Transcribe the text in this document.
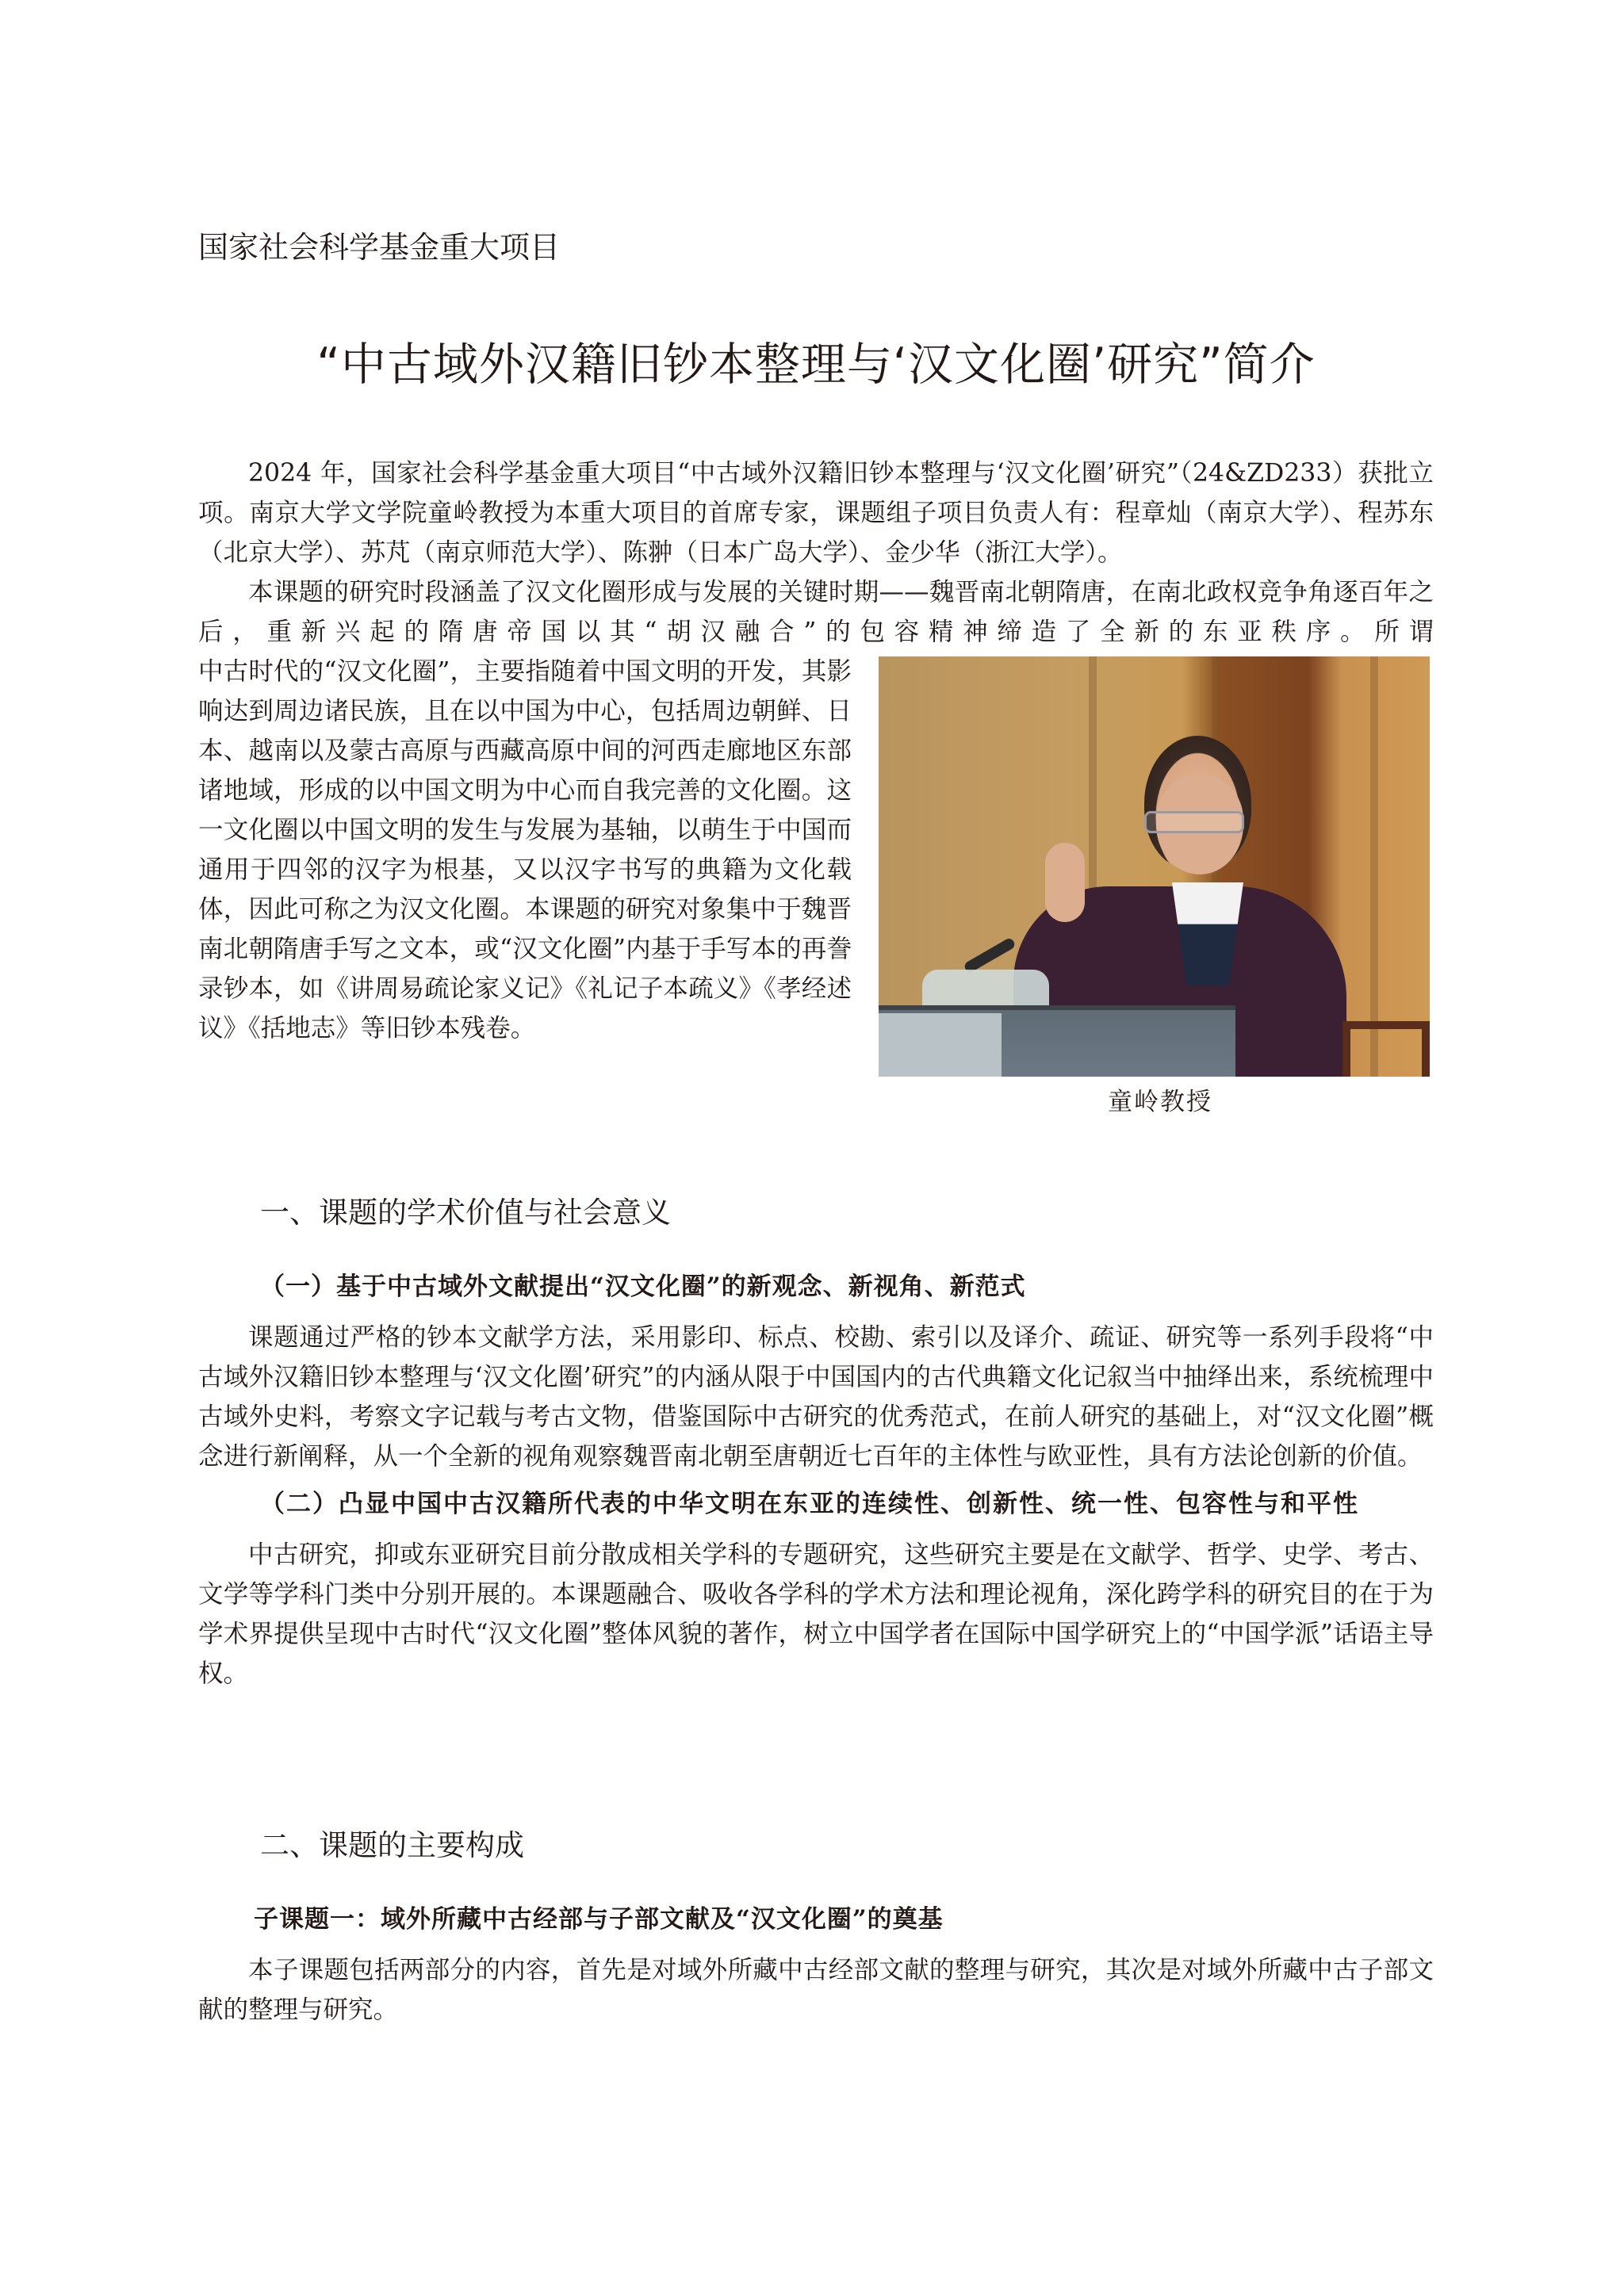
国家社会科学基金重大项目
“中古域外汉籍旧钞本整理与‘汉文化圈’研究”简介

2024 年，国家社会科学基金重大项目“中古域外汉籍旧钞本整理与‘汉文化圈’研究”（24&ZD233）获批立项。南京大学文学院童岭教授为本重大项目的首席专家，课题组子项目负责人有：程章灿（南京大学）、程苏东（北京大学）、苏芃（南京师范大学）、陈翀（日本广岛大学）、金少华（浙江大学）。

本课题的研究时段涵盖了汉文化圈形成与发展的关键时期——魏晋南北朝隋唐，在南北政权竞争角逐百年之后，重新兴起的隋唐帝国以其“胡汉融合”的包容精神缔造了全新的东亚秩序。所谓

童岭教授

中古时代的“汉文化圈”，主要指随着中国文明的开发，其影响达到周边诸民族，且在以中国为中心，包括周边朝鲜、日本、越南以及蒙古高原与西藏高原中间的河西走廊地区东部诸地域，形成的以中国文明为中心而自我完善的文化圈。这一文化圈以中国文明的发生与发展为基轴，以萌生于中国而通用于四邻的汉字为根基，又以汉字书写的典籍为文化载体，因此可称之为汉文化圈。本课题的研究对象集中于魏晋南北朝隋唐手写之文本，或“汉文化圈”内基于手写本的再誊录钞本，如《讲周易疏论家义记》《礼记子本疏义》《孝经述议》《括地志》等旧钞本残卷。

一、课题的学术价值与社会意义
（一）基于中古域外文献提出“汉文化圈”的新观念、新视角、新范式

课题通过严格的钞本文献学方法，采用影印、标点、校勘、索引以及译介、疏证、研究等一系列手段将“中古域外汉籍旧钞本整理与‘汉文化圈’研究”的内涵从限于中国国内的古代典籍文化记叙当中抽绎出来，系统梳理中古域外史料，考察文字记载与考古文物，借鉴国际中古研究的优秀范式，在前人研究的基础上，对“汉文化圈”概念进行新阐释，从一个全新的视角观察魏晋南北朝至唐朝近七百年的主体性与欧亚性，具有方法论创新的价值。

（二）凸显中国中古汉籍所代表的中华文明在东亚的连续性、创新性、统一性、包容性与和平性

中古研究，抑或东亚研究目前分散成相关学科的专题研究，这些研究主要是在文献学、哲学、史学、考古、文学等学科门类中分别开展的。本课题融合、吸收各学科的学术方法和理论视角，深化跨学科的研究目的在于为学术界提供呈现中古时代“汉文化圈”整体风貌的著作，树立中国学者在国际中国学研究上的“中国学派”话语主导权。

二、课题的主要构成
子课题一：域外所藏中古经部与子部文献及“汉文化圈”的奠基

本子课题包括两部分的内容，首先是对域外所藏中古经部文献的整理与研究，其次是对域外所藏中古子部文献的整理与研究。
